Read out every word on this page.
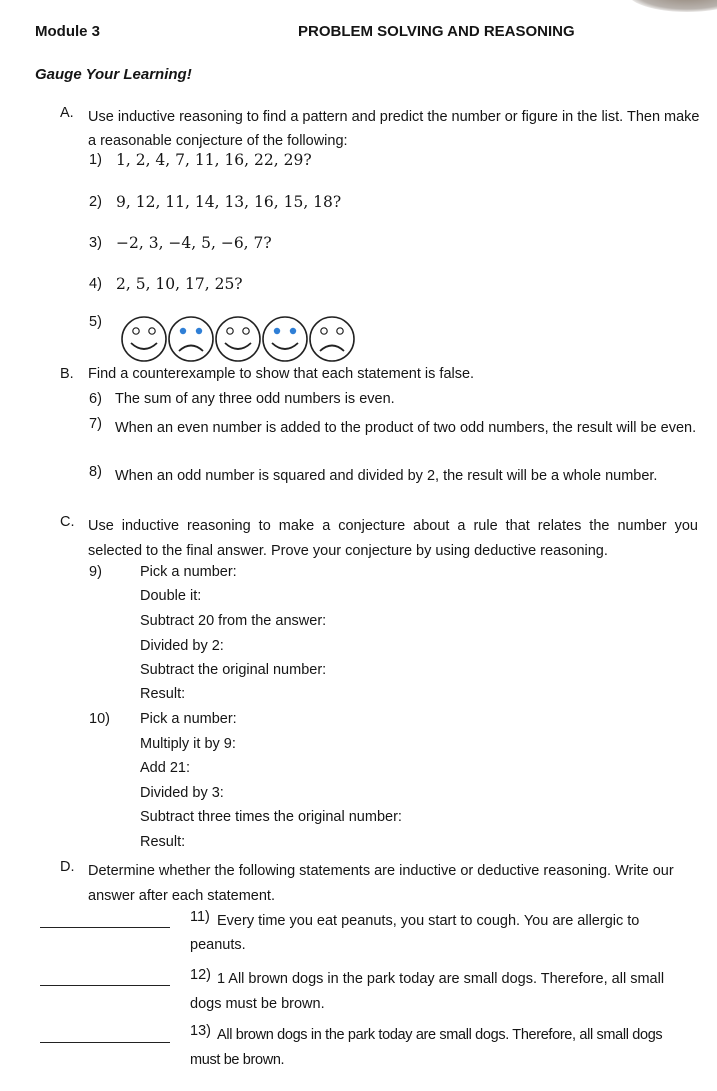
Module 3	PROBLEM SOLVING AND REASONING
Gauge Your Learning!
A. Use inductive reasoning to find a pattern and predict the number or figure in the list. Then make a reasonable conjecture of the following:
1) 1, 2, 4, 7, 11, 16, 22, 29?
2) 9, 12, 11, 14, 13, 16, 15, 18?
3) −2, 3, −4, 5, −6, 7?
4) 2, 5, 10, 17, 25?
5)
B. Find a counterexample to show that each statement is false.
6) The sum of any three odd numbers is even.
7) When an even number is added to the product of two odd numbers, the result will be even.
8) When an odd number is squared and divided by 2, the result will be a whole number.
C. Use inductive reasoning to make a conjecture about a rule that relates the number you selected to the final answer. Prove your conjecture by using deductive reasoning.
9)	Pick a number:
Double it:
Subtract 20 from the answer:
Divided by 2:
Subtract the original number:
Result:
10) Pick a number:
Multiply it by 9:
Add 21:
Divided by 3:
Subtract three times the original number:
Result:
D. Determine whether the following statements are inductive or deductive reasoning. Write our answer after each statement.
11) Every time you eat peanuts, you start to cough. You are allergic to peanuts.
12) 1 All brown dogs in the park today are small dogs. Therefore, all small dogs must be brown.
13) All brown dogs in the park today are small dogs. Therefore, all small dogs must be brown.
